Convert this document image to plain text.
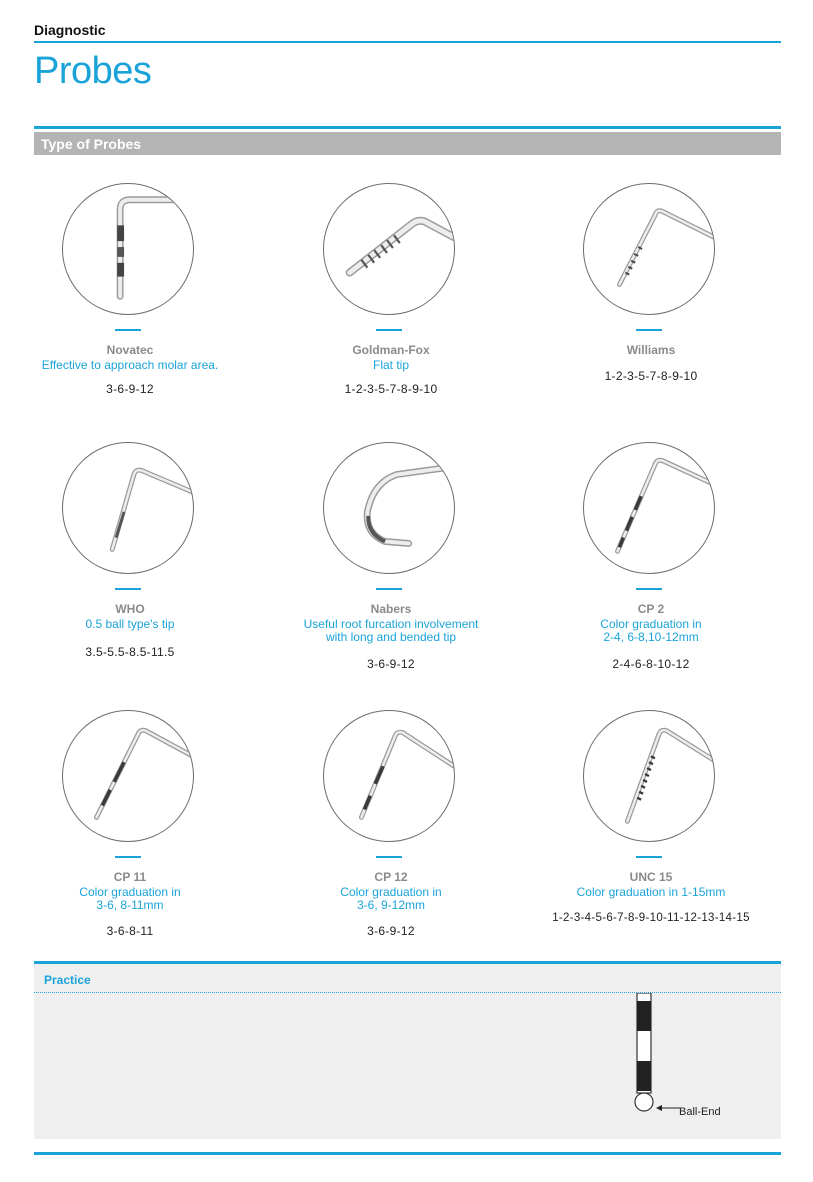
Diagnostic
Probes
Type of Probes
Novatec
Effective to approach molar area.
3-6-9-12
Goldman-Fox
Flat tip
1-2-3-5-7-8-9-10
Williams
1-2-3-5-7-8-9-10
WHO
0.5 ball type's tip
3.5-5.5-8.5-11.5
Nabers
Useful root furcation involvement
with long and bended tip
3-6-9-12
CP 2
Color graduation in
2-4, 6-8,10-12mm
2-4-6-8-10-12
CP 11
Color graduation in
3-6, 8-11mm
3-6-8-11
CP 12
Color graduation in
3-6, 9-12mm
3-6-9-12
UNC 15
Color graduation in 1-15mm
1-2-3-4-5-6-7-8-9-10-11-12-13-14-15
Practice
Ball-End
